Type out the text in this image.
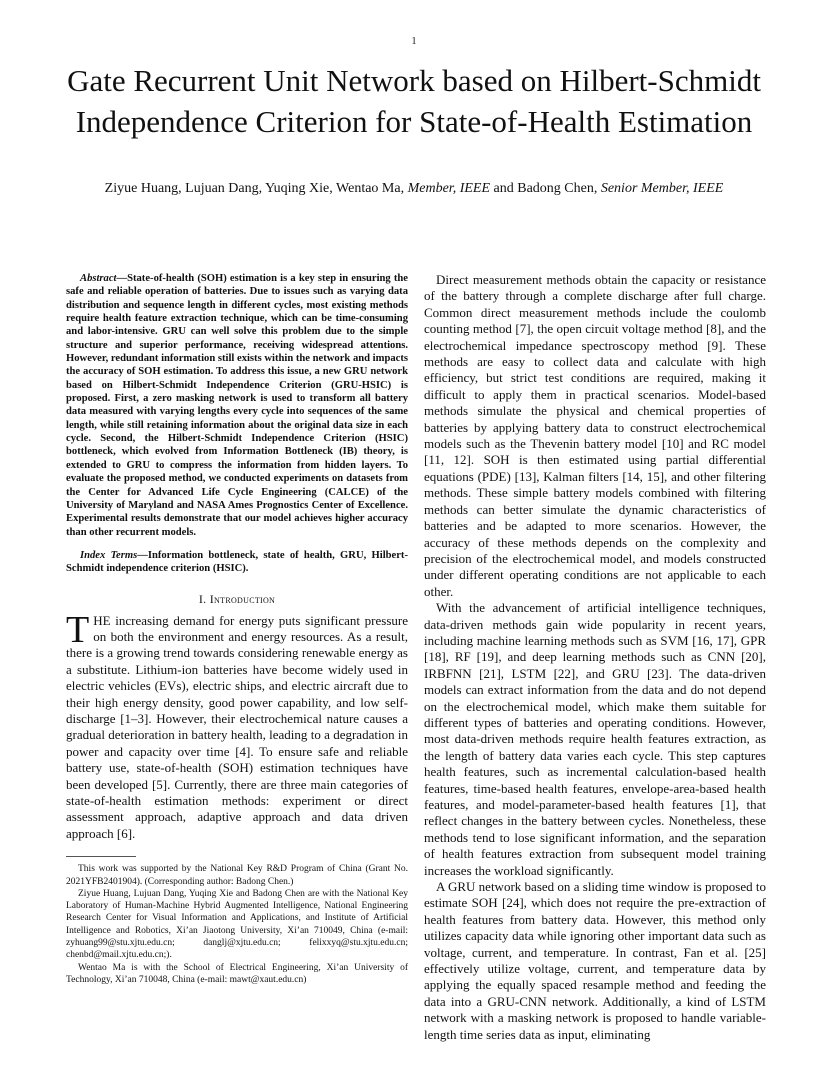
1
Gate Recurrent Unit Network based on Hilbert-Schmidt Independence Criterion for State-of-Health Estimation
Ziyue Huang, Lujuan Dang, Yuqing Xie, Wentao Ma, Member, IEEE and Badong Chen, Senior Member, IEEE

Abstract—State-of-health (SOH) estimation is a key step in ensuring the safe and reliable operation of batteries. Due to issues such as varying data distribution and sequence length in different cycles, most existing methods require health feature extraction technique, which can be time-consuming and labor-intensive. GRU can well solve this problem due to the simple structure and superior performance, receiving widespread attentions. However, redundant information still exists within the network and impacts the accuracy of SOH estimation. To address this issue, a new GRU network based on Hilbert-Schmidt Independence Criterion (GRU-HSIC) is proposed. First, a zero masking network is used to transform all battery data measured with varying lengths every cycle into sequences of the same length, while still retaining information about the original data size in each cycle. Second, the Hilbert-Schmidt Independence Criterion (HSIC) bottleneck, which evolved from Information Bottleneck (IB) theory, is extended to GRU to compress the information from hidden layers. To evaluate the proposed method, we conducted experiments on datasets from the Center for Advanced Life Cycle Engineering (CALCE) of the University of Maryland and NASA Ames Prognostics Center of Excellence. Experimental results demonstrate that our model achieves higher accuracy than other recurrent models.

Index Terms—Information bottleneck, state of health, GRU, Hilbert-Schmidt independence criterion (HSIC).

I. Introduction

THE increasing demand for energy puts significant pressure on both the environment and energy resources. As a result, there is a growing trend towards considering renewable energy as a substitute. Lithium-ion batteries have become widely used in electric vehicles (EVs), electric ships, and electric aircraft due to their high energy density, good power capability, and low self-discharge [1–3]. However, their electrochemical nature causes a gradual deterioration in battery health, leading to a degradation in power and capacity over time [4]. To ensure safe and reliable battery use, state-of-health (SOH) estimation techniques have been developed [5]. Currently, there are three main categories of state-of-health estimation methods: experiment or direct assessment approach, adaptive approach and data driven approach [6].

This work was supported by the National Key R&D Program of China (Grant No. 2021YFB2401904). (Corresponding author: Badong Chen.)

Ziyue Huang, Lujuan Dang, Yuqing Xie and Badong Chen are with the National Key Laboratory of Human-Machine Hybrid Augmented Intelligence, National Engineering Research Center for Visual Information and Applications, and Institute of Artificial Intelligence and Robotics, Xi’an Jiaotong University, Xi’an 710049, China (e-mail: zyhuang99@stu.xjtu.edu.cn; danglj@xjtu.edu.cn; felixxyq@stu.xjtu.edu.cn; chenbd@mail.xjtu.edu.cn;).

Wentao Ma is with the School of Electrical Engineering, Xi’an University of Technology, Xi’an 710048, China (e-mail: mawt@xaut.edu.cn)

Direct measurement methods obtain the capacity or resistance of the battery through a complete discharge after full charge. Common direct measurement methods include the coulomb counting method [7], the open circuit voltage method [8], and the electrochemical impedance spectroscopy method [9]. These methods are easy to collect data and calculate with high efficiency, but strict test conditions are required, making it difficult to apply them in practical scenarios. Model-based methods simulate the physical and chemical properties of batteries by applying battery data to construct electrochemical models such as the Thevenin battery model [10] and RC model [11, 12]. SOH is then estimated using partial differential equations (PDE) [13], Kalman filters [14, 15], and other filtering methods. These simple battery models combined with filtering methods can better simulate the dynamic characteristics of batteries and be adapted to more scenarios. However, the accuracy of these methods depends on the complexity and precision of the electrochemical model, and models constructed under different operating conditions are not applicable to each other.

With the advancement of artificial intelligence techniques, data-driven methods gain wide popularity in recent years, including machine learning methods such as SVM [16, 17], GPR [18], RF [19], and deep learning methods such as CNN [20], IRBFNN [21], LSTM [22], and GRU [23]. The data-driven models can extract information from the data and do not depend on the electrochemical model, which make them suitable for different types of batteries and operating conditions. However, most data-driven methods require health features extraction, as the length of battery data varies each cycle. This step captures health features, such as incremental calculation-based health features, time-based health features, envelope-area-based health features, and model-parameter-based health features [1], that reflect changes in the battery between cycles. Nonetheless, these methods tend to lose significant information, and the separation of health features extraction from subsequent model training increases the workload significantly.

A GRU network based on a sliding time window is proposed to estimate SOH [24], which does not require the pre-extraction of health features from battery data. However, this method only utilizes capacity data while ignoring other important data such as voltage, current, and temperature. In contrast, Fan et al. [25] effectively utilize voltage, current, and temperature data by applying the equally spaced resample method and feeding the data into a GRU-CNN network. Additionally, a kind of LSTM network with a masking network is proposed to handle variable-length time series data as input, eliminating
